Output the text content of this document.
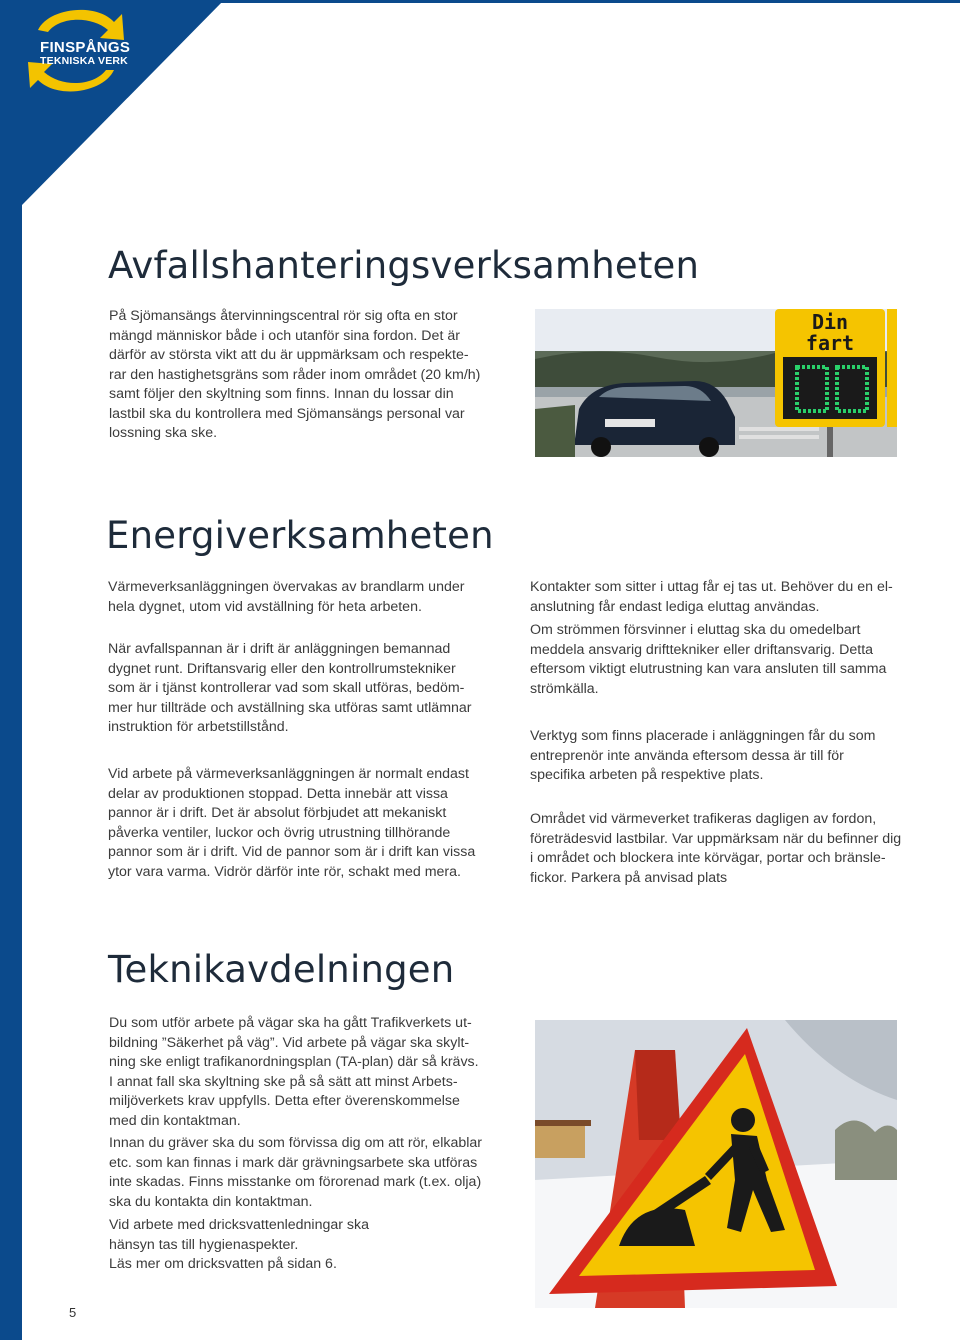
FINSPÅNGS
TEKNISKA VERK
Avfallshanteringsverksamheten
På Sjömansängs återvinningscentral rör sig ofta en stor
mängd människor både i och utanför sina fordon. Det är
därför av största vikt att du är uppmärksam och respekte-
rar den hastighetsgräns som råder inom området (20 km/h)
samt följer den skyltning som finns. Innan du lossar din
lastbil ska du kontrollera med Sjömansängs personal var
lossning ska ske.
Din
fart
Energiverksamheten
Värmeverksanläggningen övervakas av brandlarm under
hela dygnet, utom vid avställning för heta arbeten.
När avfallspannan är i drift är anläggningen bemannad
dygnet runt. Driftansvarig eller den kontrollrumstekniker
som är i tjänst kontrollerar vad som skall utföras, bedöm-
mer hur tillträde och avställning ska utföras samt utlämnar
instruktion för arbetstillstånd.
Vid arbete på värmeverksanläggningen är normalt endast
delar av produktionen stoppad. Detta innebär att vissa
pannor är i drift. Det är absolut förbjudet att mekaniskt
påverka ventiler, luckor och övrig utrustning tillhörande
pannor som är i drift. Vid de pannor som är i drift kan vissa
ytor vara varma. Vidrör därför inte rör, schakt med mera.
Kontakter som sitter i uttag får ej tas ut. Behöver du en el-
anslutning får endast lediga eluttag användas.
Om strömmen försvinner i eluttag ska du omedelbart
meddela ansvarig drifttekniker eller driftansvarig. Detta
eftersom viktigt elutrustning kan vara ansluten till samma
strömkälla.
Verktyg som finns placerade i anläggningen får du som
entreprenör inte använda eftersom dessa är till för
specifika arbeten på respektive plats.
Området vid värmeverket trafikeras dagligen av fordon,
företrädesvid lastbilar. Var uppmärksam när du befinner dig
i området och blockera inte körvägar, portar och bränsle-
fickor. Parkera på anvisad plats
Teknikavdelningen
Du som utför arbete på vägar ska ha gått Trafikverkets ut-
bildning ”Säkerhet på väg”. Vid arbete på vägar ska skylt-
ning ske enligt trafikanordningsplan (TA-plan) där så krävs.
I annat fall ska skyltning ske på så sätt att minst Arbets-
miljöverkets krav uppfylls. Detta efter överenskommelse
med din kontaktman.
Innan du gräver ska du som förvissa dig om att rör, elkablar
etc. som kan finnas i mark där grävningsarbete ska utföras
inte skadas. Finns misstanke om förorenad mark (t.ex. olja)
ska du kontakta din kontaktman.
Vid arbete med dricksvattenledningar ska
hänsyn tas till hygienaspekter.
Läs mer om dricksvatten på sidan 6.
5
